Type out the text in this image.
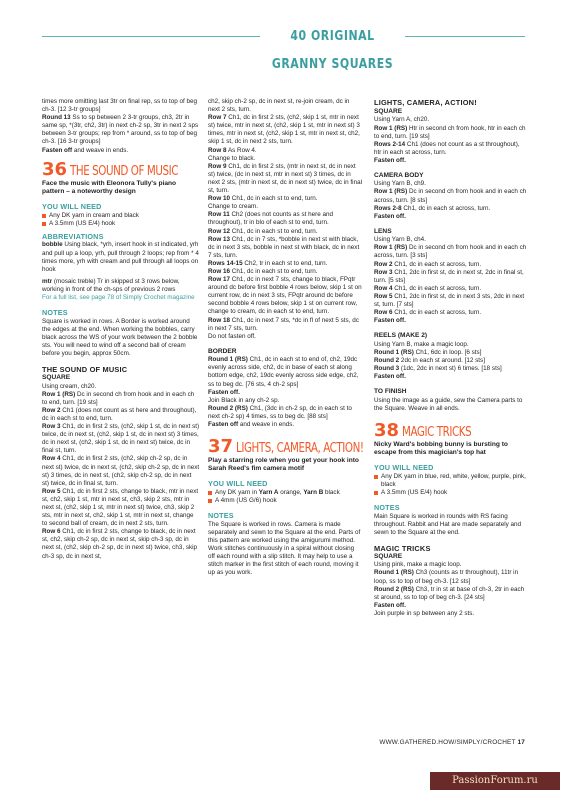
40 ORIGINAL GRANNY SQUARES

times more omitting last 3tr on final rep, ss to top of beg ch-3. [12 3-tr groups]

Round 13 Ss to sp between 2 3-tr groups, ch3, 2tr in same sp, *(3tr, ch2, 3tr) in next ch-2 sp, 3tr in next 2 sps between 3-tr groups; rep from * around, ss to top of beg ch-3. [16 3-tr groups]

Fasten off and weave in ends.

36 THE SOUND OF MUSIC

Face the music with Eleonora Tully's piano pattern – a noteworthy design

YOU WILL NEED
Any DK yarn in cream and black
A 3.5mm (US E/4) hook
ABBREVIATIONS

bobble Using black, *yrh, insert hook in st indicated, yrh and pull up a loop, yrh, pull through 2 loops; rep from * 4 times more, yrh with cream and pull through all loops on hook

mtr (mosaic treble) Tr in skipped st 3 rows below, working in front of the ch-sps of previous 2 rows

For a full list, see page 78 of Simply Crochet magazine

NOTES

Square is worked in rows. A Border is worked around the edges at the end. When working the bobbles, carry black across the WS of your work between the 2 bobble sts. You will need to wind off a second ball of cream before you begin, approx 50cm.

THE SOUND OF MUSIC
SQUARE

Using cream, ch20.

Row 1 (RS) Dc in second ch from hook and in each ch to end, turn. [19 sts]

Row 2 Ch1 (does not count as st here and throughout), dc in each st to end, turn.

Row 3 Ch1, dc in first 2 sts, (ch2, skip 1 st, dc in next st) twice, dc in next st, (ch2, skip 1 st, dc in next st) 3 times, dc in next st, (ch2, skip 1 st, dc in next st) twice, dc in final st, turn.

Row 4 Ch1, dc in first 2 sts, (ch2, skip ch-2 sp, dc in next st) twice, dc in next st, (ch2, skip ch-2 sp, dc in next st) 3 times, dc in next st, (ch2, skip ch-2 sp, dc in next st) twice, dc in final st, turn.

Row 5 Ch1, dc in first 2 sts, change to black, mtr in next st, ch2, skip 1 st, mtr in next st, ch3, skip 2 sts, mtr in next st, (ch2, skip 1 st, mtr in next st) twice, ch3, skip 2 sts, mtr in next st, ch2, skip 1 st, mtr in next st, change to second ball of cream, dc in next 2 sts, turn.

Row 6 Ch1, dc in first 2 sts, change to black, dc in next st, ch2, skip ch-2 sp, dc in next st, skip ch-3 sp, dc in next st, (ch2, skip ch-2 sp, dc in next st) twice, ch3, skip ch-3 sp, dc in next st,

ch2, skip ch-2 sp, dc in next st, re-join cream, dc in next 2 sts, turn.

Row 7 Ch1, dc in first 2 sts, (ch2, skip 1 st, mtr in next st) twice, mtr in next st, (ch2, skip 1 st, mtr in next st) 3 times, mtr in next st, (ch2, skip 1 st, mtr in next st, ch2, skip 1 st, dc in next 2 sts, turn.

Row 8 As Row 4.

Change to black.

Row 9 Ch1, dc in first 2 sts, (mtr in next st, dc in next st) twice, (dc in next st, mtr in next st) 3 times, dc in next 2 sts, (mtr in next st, dc in next st) twice, dc in final st, turn.

Row 10 Ch1, dc in each st to end, turn.

Change to cream.

Row 11 Ch2 (does not counts as st here and throughout), tr in blo of each st to end, turn.

Row 12 Ch1, dc in each st to end, turn.

Row 13 Ch1, dc in 7 sts, *bobble in next st with black, dc in next 3 sts, bobble in next st with black, dc in next 7 sts, turn.

Rows 14-15 Ch2, tr in each st to end, turn.

Row 16 Ch1, dc in each st to end, turn.

Row 17 Ch1, dc in next 7 sts, change to black, FPqtr around dc before first bobble 4 rows below, skip 1 st on current row, dc in next 3 sts, FPqtr around dc before second bobble 4 rows below, skip 1 st on current row, change to cream, dc in each st to end, turn.

Row 18 Ch1, dc in next 7 sts, *dc in fl of next 5 sts, dc in next 7 sts, turn.

Do not fasten off.

BORDER

Round 1 (RS) Ch1, dc in each st to end of, ch2, 19dc evenly across side, ch2, dc in base of each st along bottom edge, ch2, 19dc evenly across side edge, ch2, ss to beg dc. [76 sts, 4 ch-2 sps]

Fasten off.

Join Black in any ch-2 sp.

Round 2 (RS) Ch1, (3dc in ch-2 sp, dc in each st to next ch-2 sp) 4 times, ss to beg dc. [88 sts]

Fasten off and weave in ends.

37 LIGHTS, CAMERA, ACTION!

Play a starring role when you get your hook into Sarah Reed's fim camera motif

YOU WILL NEED
Any DK yarn in Yarn A orange, Yarn B black
A 4mm (US G/6) hook
NOTES

The Square is worked in rows. Camera is made separately and sewn to the Square at the end. Parts of this pattern are worked using the amigurumi method. Work stitches continuously in a spiral without closing off each round with a slip stitch. It may help to use a stitch marker in the first stitch of each round, moving it up as you work.

LIGHTS, CAMERA, ACTION!
SQUARE

Using Yarn A, ch20.

Row 1 (RS) Htr in second ch from hook, htr in each ch to end, turn. [19 sts]

Rows 2-14 Ch1 (does not count as a st throughout), htr in each st across, turn.

Fasten off.

CAMERA BODY

Using Yarn B, ch9.

Row 1 (RS) Dc in second ch from hook and in each ch across, turn. [8 sts]

Rows 2-8 Ch1, dc in each st across, turn.

Fasten off.

LENS

Using Yarn B, ch4.

Row 1 (RS) Dc in second ch from hook and in each ch across, turn. [3 sts]

Row 2 Ch1, dc in each st across, turn.

Row 3 Ch1, 2dc in first st, dc in next st, 2dc in final st, turn. [5 sts]

Row 4 Ch1, dc in each st across, turn.

Row 5 Ch1, 2dc in first st, dc in next 3 sts, 2dc in next st, turn. [7 sts]

Row 6 Ch1, dc in each st across, turn.

Fasten off.

REELS (MAKE 2)

Using Yarn B, make a magic loop.

Round 1 (RS) Ch1, 6dc in loop. [6 sts]

Round 2 2dc in each st around. [12 sts]

Round 3 (1dc, 2dc in next st) 6 times. [18 sts]

Fasten off.

TO FINISH

Using the image as a guide, sew the Camera parts to the Square. Weave in all ends.

38 MAGIC TRICKS

Nicky Ward's bobbing bunny is bursting to escape from this magician's top hat

YOU WILL NEED
Any DK yarn in blue, red, white, yellow, purple, pink, black
A 3.5mm (US E/4) hook
NOTES

Main Square is worked in rounds with RS facing throughout. Rabbit and Hat are made separately and sewn to the Square at the end.

MAGIC TRICKS
SQUARE

Using pink, make a magic loop.

Round 1 (RS) Ch3 (counts as tr throughout), 11tr in loop, ss to top of beg ch-3. [12 sts]

Round 2 (RS) Ch3, tr in st at base of ch-3, 2tr in each st around, ss to top of beg ch-3. [24 sts]

Fasten off.

Join purple in sp between any 2 sts.

WWW.GATHERED.HOW/SIMPLY/CROCHET 17
PassionForum.ru
